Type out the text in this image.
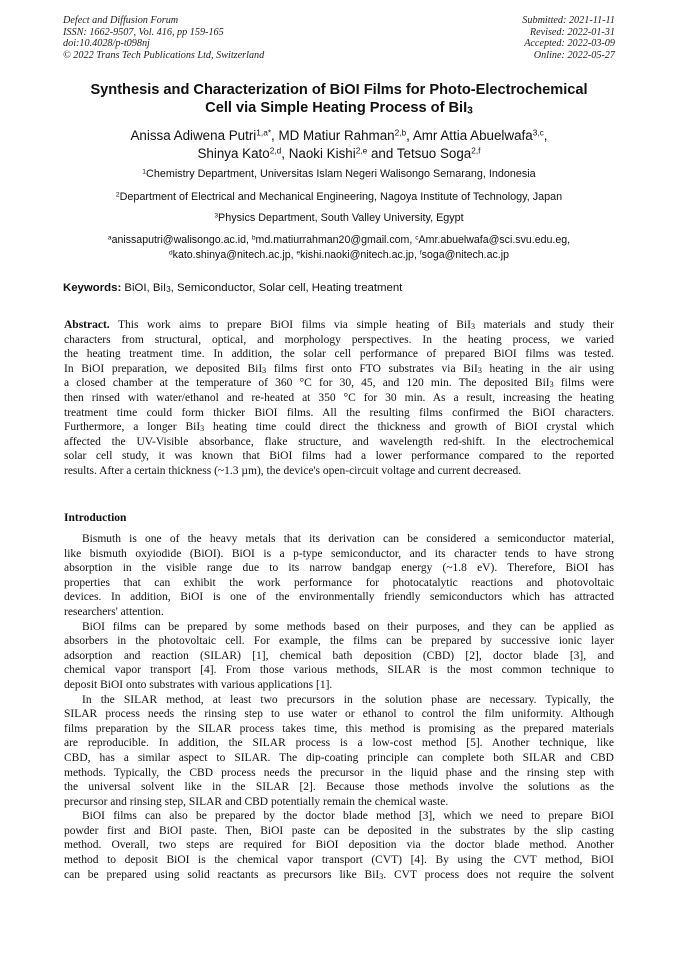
Defect and Diffusion Forum
ISSN: 1662-9507, Vol. 416, pp 159-165
doi:10.4028/p-t098nj
© 2022 Trans Tech Publications Ltd, Switzerland
Submitted: 2021-11-11
Revised: 2022-01-31
Accepted: 2022-03-09
Online: 2022-05-27
Synthesis and Characterization of BiOI Films for Photo-Electrochemical
Cell via Simple Heating Process of BiI$_3$
Anissa Adiwena Putri$^{1,a*}$, MD Matiur Rahman$^{2,b}$, Amr Attia Abuelwafa$^{3,c}$,
Shinya Kato$^{2,d}$, Naoki Kishi$^{2,e}$ and Tetsuo Soga$^{2,f}$
$^1$Chemistry Department, Universitas Islam Negeri Walisongo Semarang, Indonesia
$^2$Department of Electrical and Mechanical Engineering, Nagoya Institute of Technology, Japan
$^3$Physics Department, South Valley University, Egypt
$^a$anissaputri@walisongo.ac.id, $^b$md.matiurrahman20@gmail.com, $^c$Amr.abuelwafa@sci.svu.edu.eg,
$^d$kato.shinya@nitech.ac.jp, $^e$kishi.naoki@nitech.ac.jp, $^f$soga@nitech.ac.jp
Keywords: BiOI, BiI$_3$, Semiconductor, Solar cell, Heating treatment
Abstract. This work aims to prepare BiOI films via simple heating of BiI$_3$ materials and study their
characters from structural, optical, and morphology perspectives. In the heating process, we varied
the heating treatment time. In addition, the solar cell performance of prepared BiOI films was tested.
In BiOI preparation, we deposited BiI$_3$ films first onto FTO substrates via BiI$_3$ heating in the air using
a closed chamber at the temperature of 360 °C for 30, 45, and 120 min. The deposited BiI$_3$ films were
then rinsed with water/ethanol and re-heated at 350 °C for 30 min. As a result, increasing the heating
treatment time could form thicker BiOI films. All the resulting films confirmed the BiOI characters.
Furthermore, a longer BiI$_3$ heating time could direct the thickness and growth of BiOI crystal which
affected the UV-Visible absorbance, flake structure, and wavelength red-shift. In the electrochemical
solar cell study, it was known that BiOI films had a lower performance compared to the reported
results. After a certain thickness (~1.3 µm), the device's open-circuit voltage and current decreased.
Introduction
Bismuth is one of the heavy metals that its derivation can be considered a semiconductor material,
like bismuth oxyiodide (BiOI). BiOI is a p-type semiconductor, and its character tends to have strong
absorption in the visible range due to its narrow bandgap energy (~1.8 eV). Therefore, BiOI has
properties that can exhibit the work performance for photocatalytic reactions and photovoltaic
devices. In addition, BiOI is one of the environmentally friendly semiconductors which has attracted
researchers' attention.
BiOI films can be prepared by some methods based on their purposes, and they can be applied as
absorbers in the photovoltaic cell. For example, the films can be prepared by successive ionic layer
adsorption and reaction (SILAR) [1], chemical bath deposition (CBD) [2], doctor blade [3], and
chemical vapor transport [4]. From those various methods, SILAR is the most common technique to
deposit BiOI onto substrates with various applications [1].
In the SILAR method, at least two precursors in the solution phase are necessary. Typically, the
SILAR process needs the rinsing step to use water or ethanol to control the film uniformity. Although
films preparation by the SILAR process takes time, this method is promising as the prepared materials
are reproducible. In addition, the SILAR process is a low-cost method [5]. Another technique, like
CBD, has a similar aspect to SILAR. The dip-coating principle can complete both SILAR and CBD
methods. Typically, the CBD process needs the precursor in the liquid phase and the rinsing step with
the universal solvent like in the SILAR [2]. Because those methods involve the solutions as the
precursor and rinsing step, SILAR and CBD potentially remain the chemical waste.
BiOI films can also be prepared by the doctor blade method [3], which we need to prepare BiOI
powder first and BiOI paste. Then, BiOI paste can be deposited in the substrates by the slip casting
method. Overall, two steps are required for BiOI deposition via the doctor blade method. Another
method to deposit BiOI is the chemical vapor transport (CVT) [4]. By using the CVT method, BiOI
can be prepared using solid reactants as precursors like BiI$_3$. CVT process does not require the solvent
